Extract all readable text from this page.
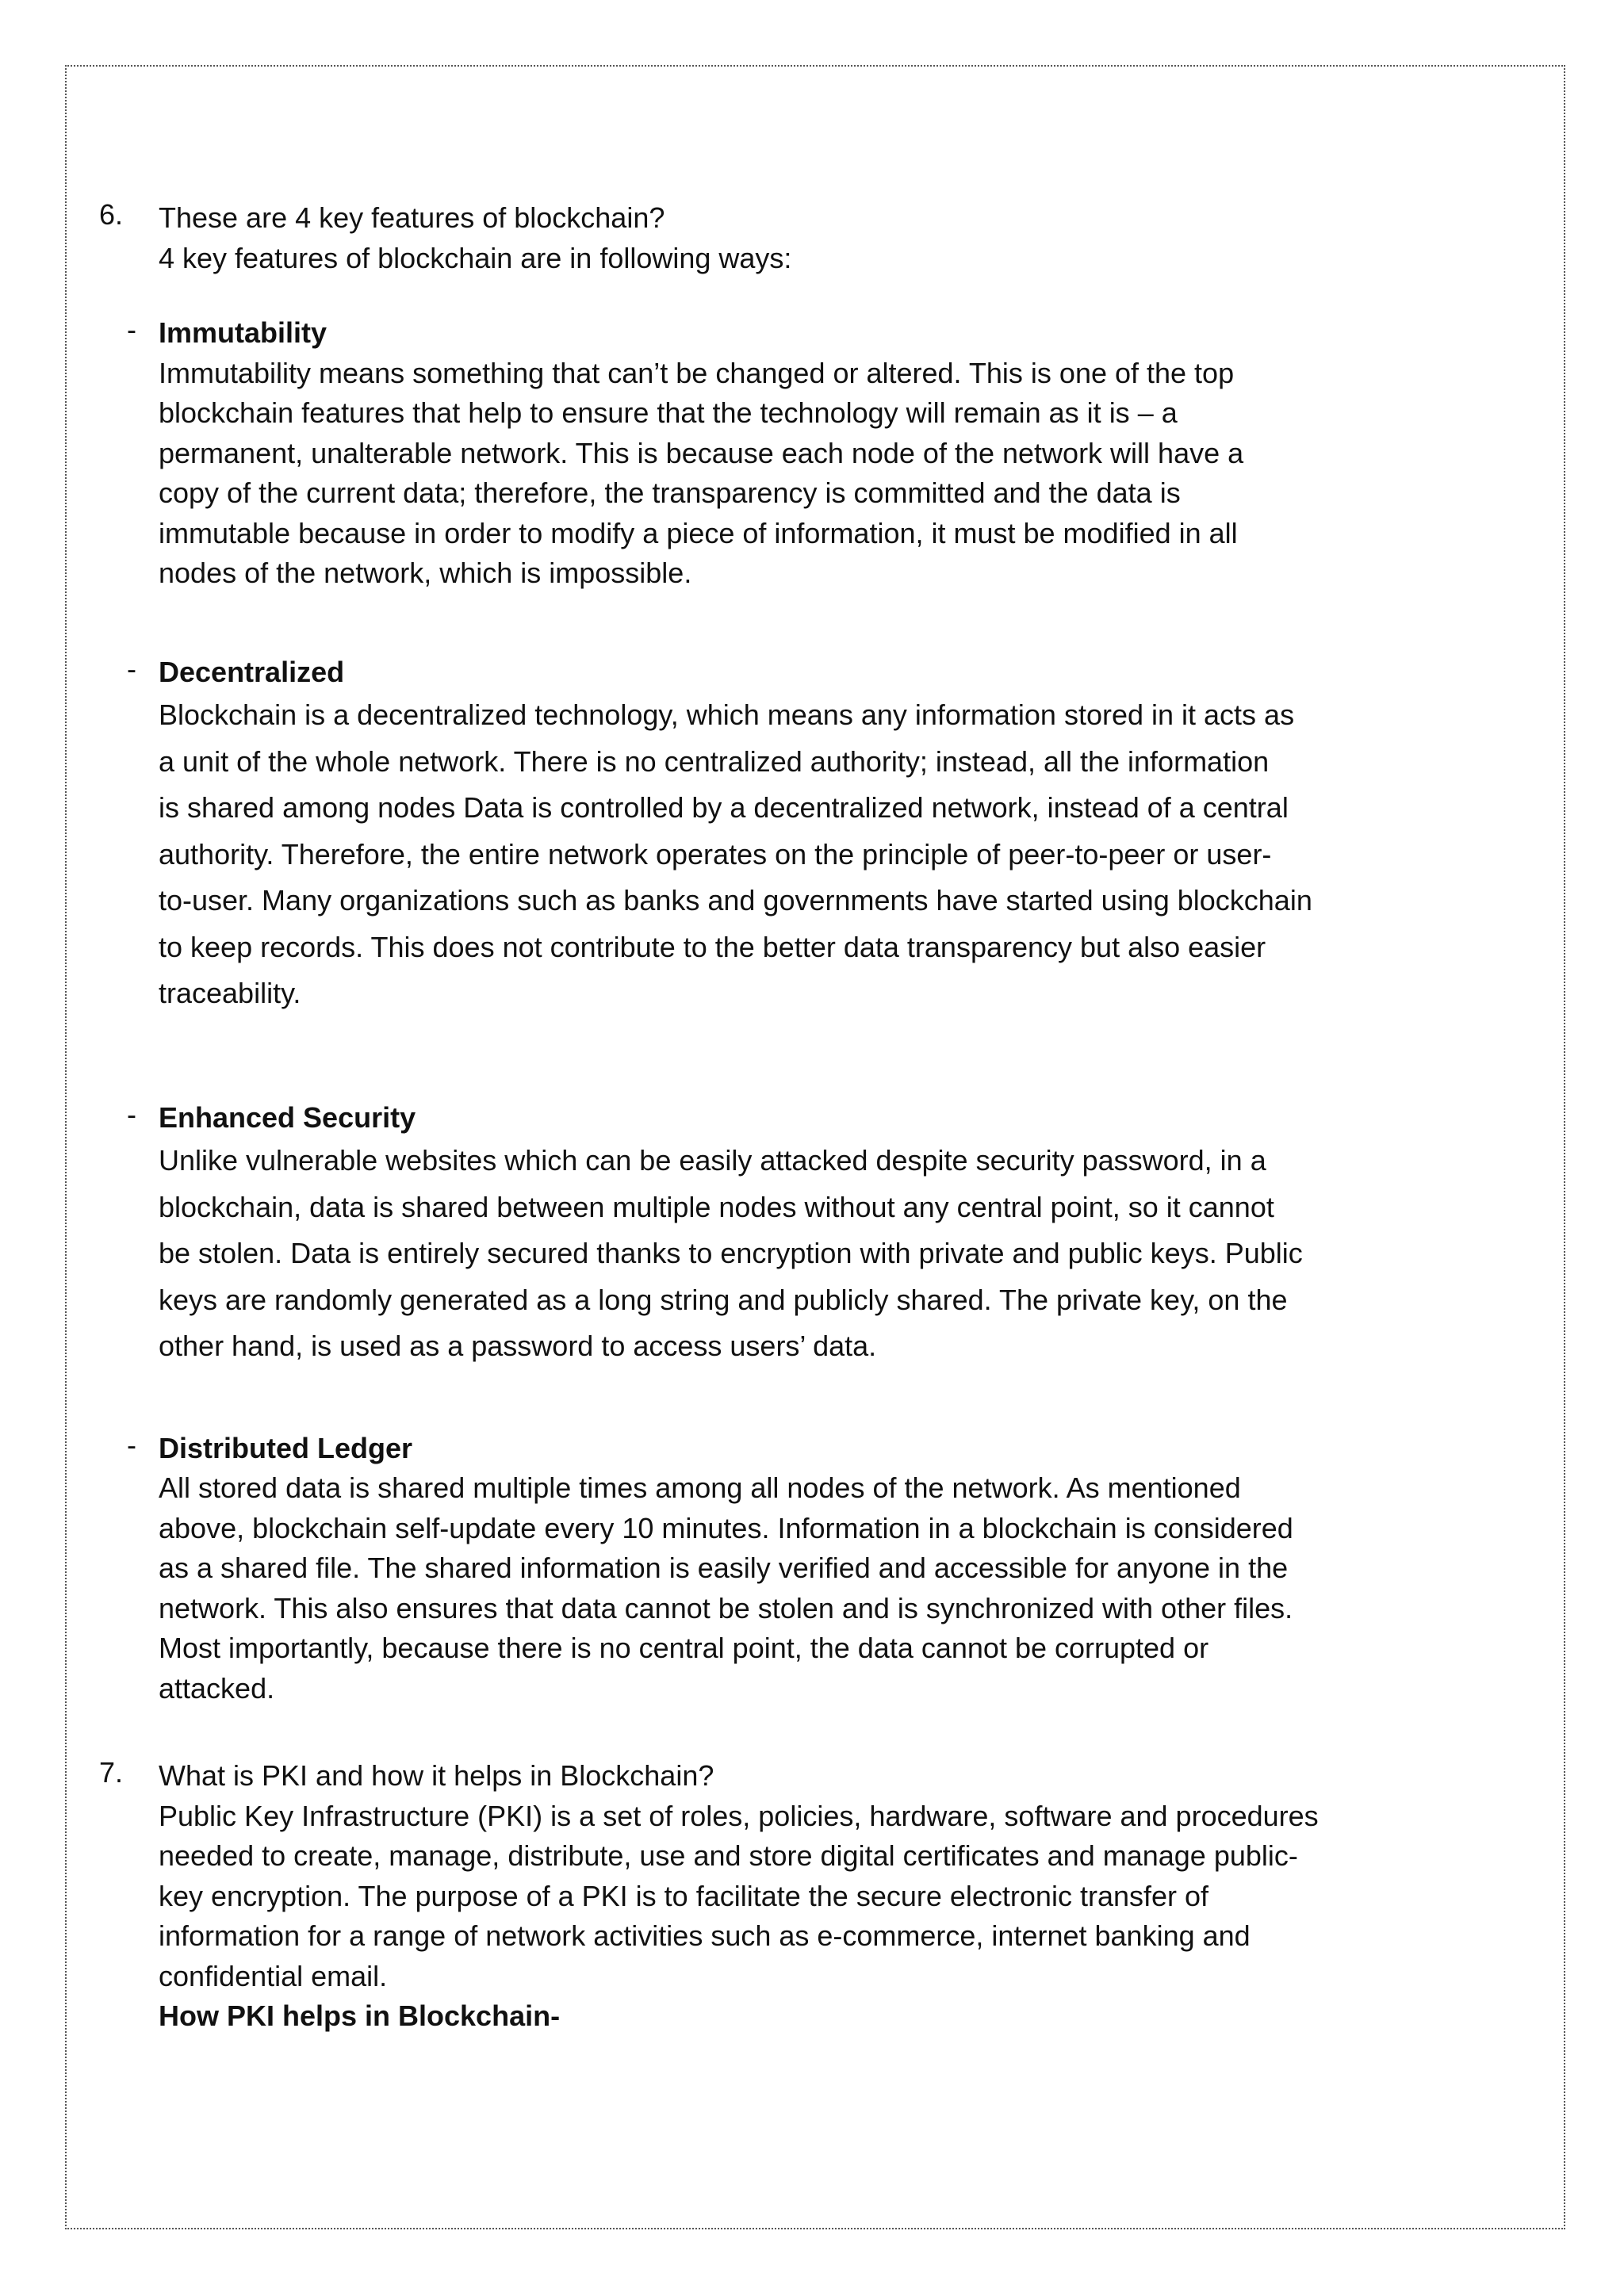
6. These are 4 key features of blockchain?

4 key features of blockchain are in following ways:

- Immutability

Immutability means something that can’t be changed or altered. This is one of the top
blockchain features that help to ensure that the technology will remain as it is – a
permanent, unalterable network. This is because each node of the network will have a
copy of the current data; therefore, the transparency is committed and the data is
immutable because in order to modify a piece of information, it must be modified in all
nodes of the network, which is impossible.

- Decentralized

Blockchain is a decentralized technology, which means any information stored in it acts as
a unit of the whole network. There is no centralized authority; instead, all the information
is shared among nodes Data is controlled by a decentralized network, instead of a central
authority. Therefore, the entire network operates on the principle of peer-to-peer or user-
to-user. Many organizations such as banks and governments have started using blockchain
to keep records. This does not contribute to the better data transparency but also easier
traceability.

- Enhanced Security

Unlike vulnerable websites which can be easily attacked despite security password, in a
blockchain, data is shared between multiple nodes without any central point, so it cannot
be stolen. Data is entirely secured thanks to encryption with private and public keys. Public
keys are randomly generated as a long string and publicly shared. The private key, on the
other hand, is used as a password to access users’ data.

- Distributed Ledger

All stored data is shared multiple times among all nodes of the network. As mentioned
above, blockchain self-update every 10 minutes. Information in a blockchain is considered
as a shared file. The shared information is easily verified and accessible for anyone in the
network. This also ensures that data cannot be stolen and is synchronized with other files.
Most importantly, because there is no central point, the data cannot be corrupted or
attacked.

7. What is PKI and how it helps in Blockchain?

Public Key Infrastructure (PKI) is a set of roles, policies, hardware, software and procedures
needed to create, manage, distribute, use and store digital certificates and manage public-
key encryption. The purpose of a PKI is to facilitate the secure electronic transfer of
information for a range of network activities such as e-commerce, internet banking and
confidential email.

How PKI helps in Blockchain-
